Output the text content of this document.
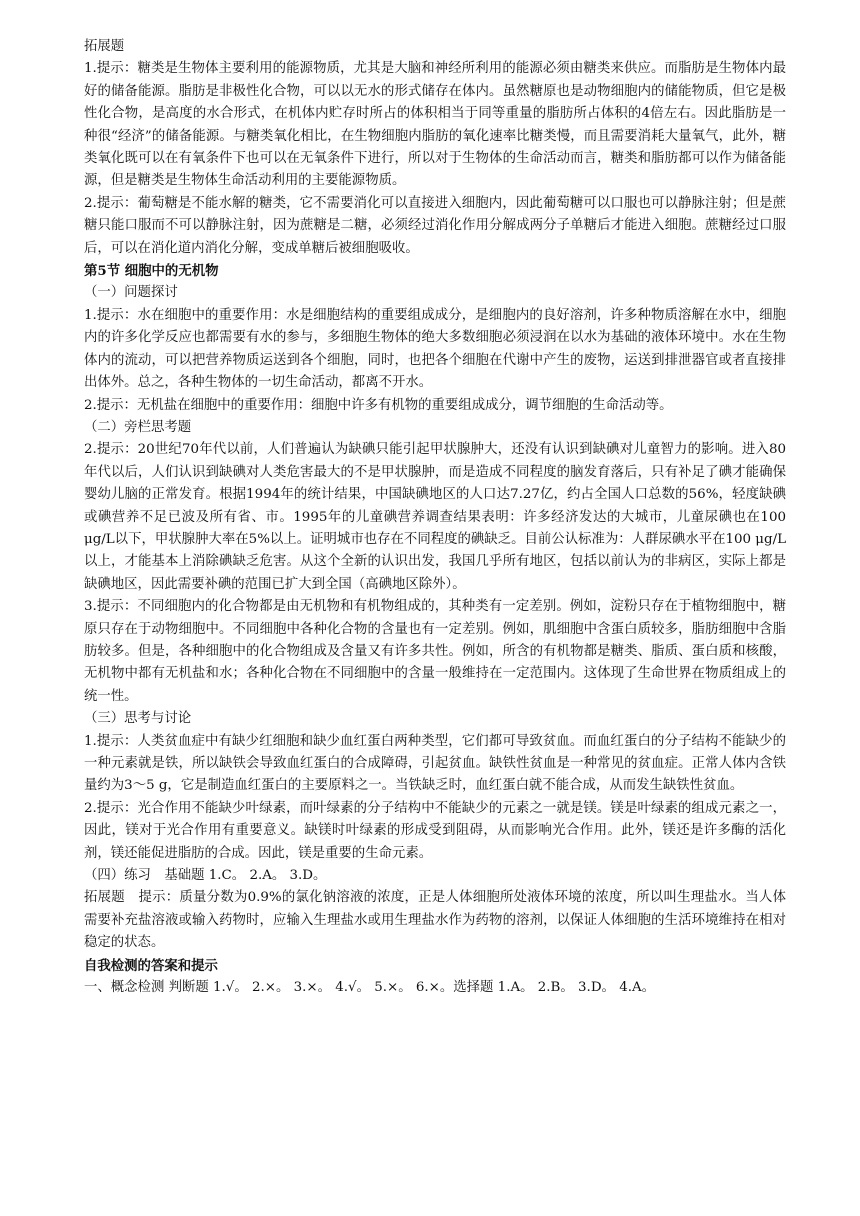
拓展题
1.提示：糖类是生物体主要利用的能源物质，尤其是大脑和神经所利用的能源必须由糖类来供应。而脂肪是生物体内最好的储备能源。脂肪是非极性化合物，可以以无水的形式储存在体内。虽然糖原也是动物细胞内的储能物质，但它是极性化合物，是高度的水合形式，在机体内贮存时所占的体积相当于同等重量的脂肪所占体积的4倍左右。因此脂肪是一种很“经济”的储备能源。与糖类氧化相比，在生物细胞内脂肪的氧化速率比糖类慢，而且需要消耗大量氧气，此外，糖类氧化既可以在有氧条件下也可以在无氧条件下进行，所以对于生物体的生命活动而言，糖类和脂肪都可以作为储备能源，但是糖类是生物体生命活动利用的主要能源物质。
2.提示：葡萄糖是不能水解的糖类，它不需要消化可以直接进入细胞内，因此葡萄糖可以口服也可以静脉注射；但是蔗糖只能口服而不可以静脉注射，因为蔗糖是二糖，必须经过消化作用分解成两分子单糖后才能进入细胞。蔗糖经过口服后，可以在消化道内消化分解，变成单糖后被细胞吸收。
第5节 细胞中的无机物
（一）问题探讨
1.提示：水在细胞中的重要作用：水是细胞结构的重要组成成分，是细胞内的良好溶剂，许多种物质溶解在水中，细胞内的许多化学反应也都需要有水的参与，多细胞生物体的绝大多数细胞必须浸润在以水为基础的液体环境中。水在生物体内的流动，可以把营养物质运送到各个细胞，同时，也把各个细胞在代谢中产生的废物，运送到排泄器官或者直接排出体外。总之，各种生物体的一切生命活动，都离不开水。
2.提示：无机盐在细胞中的重要作用：细胞中许多有机物的重要组成成分，调节细胞的生命活动等。
（二）旁栏思考题
2.提示：20世纪70年代以前，人们普遍认为缺碘只能引起甲状腺肿大，还没有认识到缺碘对儿童智力的影响。进入80年代以后，人们认识到缺碘对人类危害最大的不是甲状腺肿，而是造成不同程度的脑发育落后，只有补足了碘才能确保婴幼儿脑的正常发育。根据1994年的统计结果，中国缺碘地区的人口达7.27亿，约占全国人口总数的56%，轻度缺碘或碘营养不足已波及所有省、市。1995年的儿童碘营养调查结果表明：许多经济发达的大城市，儿童尿碘也在100 μg/L以下，甲状腺肿大率在5%以上。证明城市也存在不同程度的碘缺乏。目前公认标准为：人群尿碘水平在100 μg/L以上，才能基本上消除碘缺乏危害。从这个全新的认识出发，我国几乎所有地区，包括以前认为的非病区，实际上都是缺碘地区，因此需要补碘的范围已扩大到全国（高碘地区除外）。
3.提示：不同细胞内的化合物都是由无机物和有机物组成的，其种类有一定差别。例如，淀粉只存在于植物细胞中，糖原只存在于动物细胞中。不同细胞中各种化合物的含量也有一定差别。例如，肌细胞中含蛋白质较多，脂肪细胞中含脂肪较多。但是，各种细胞中的化合物组成及含量又有许多共性。例如，所含的有机物都是糖类、脂质、蛋白质和核酸，无机物中都有无机盐和水；各种化合物在不同细胞中的含量一般维持在一定范围内。这体现了生命世界在物质组成上的统一性。
（三）思考与讨论
1.提示：人类贫血症中有缺少红细胞和缺少血红蛋白两种类型，它们都可导致贫血。而血红蛋白的分子结构不能缺少的一种元素就是铁，所以缺铁会导致血红蛋白的合成障碍，引起贫血。缺铁性贫血是一种常见的贫血症。正常人体内含铁量约为3～5 g，它是制造血红蛋白的主要原料之一。当铁缺乏时，血红蛋白就不能合成，从而发生缺铁性贫血。
2.提示：光合作用不能缺少叶绿素，而叶绿素的分子结构中不能缺少的元素之一就是镁。镁是叶绿素的组成元素之一，因此，镁对于光合作用有重要意义。缺镁时叶绿素的形成受到阻碍，从而影响光合作用。此外，镁还是许多酶的活化剂，镁还能促进脂肪的合成。因此，镁是重要的生命元素。
（四）练习　基础题 1.C。 2.A。 3.D。
拓展题　提示：质量分数为0.9%的氯化钠溶液的浓度，正是人体细胞所处液体环境的浓度，所以叫生理盐水。当人体需要补充盐溶液或输入药物时，应输入生理盐水或用生理盐水作为药物的溶剂，以保证人体细胞的生活环境维持在相对稳定的状态。
自我检测的答案和提示
一、概念检测 判断题 1.√。 2.×。 3.×。 4.√。 5.×。 6.×。选择题 1.A。 2.B。 3.D。 4.A。
